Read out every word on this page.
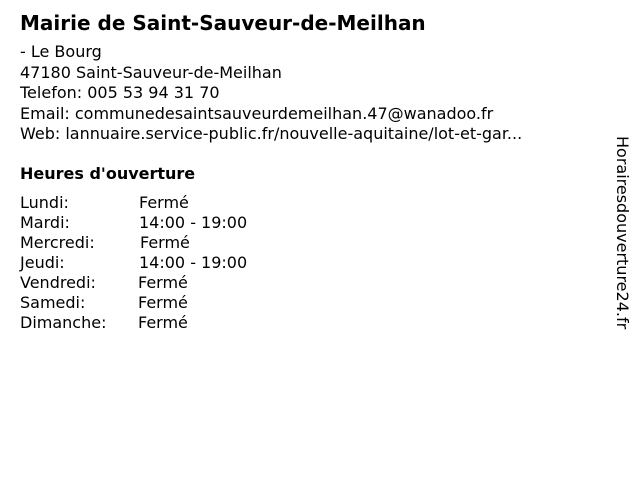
Mairie de Saint-Sauveur-de-Meilhan
- Le Bourg
47180 Saint-Sauveur-de-Meilhan
Telefon: 005 53 94 31 70
Email: communedesaintsauveurdemeilhan.47@wanadoo.fr
Web: lannuaire.service-public.fr/nouvelle-aquitaine/lot-et-gar...
Heures d'ouverture
Lundi:	Fermé
Mardi:	14:00 - 19:00
Mercredi:	Fermé
Jeudi:	14:00 - 19:00
Vendredi:	Fermé
Samedi:	Fermé
Dimanche: Fermé	Horairesdouverture24.fr
